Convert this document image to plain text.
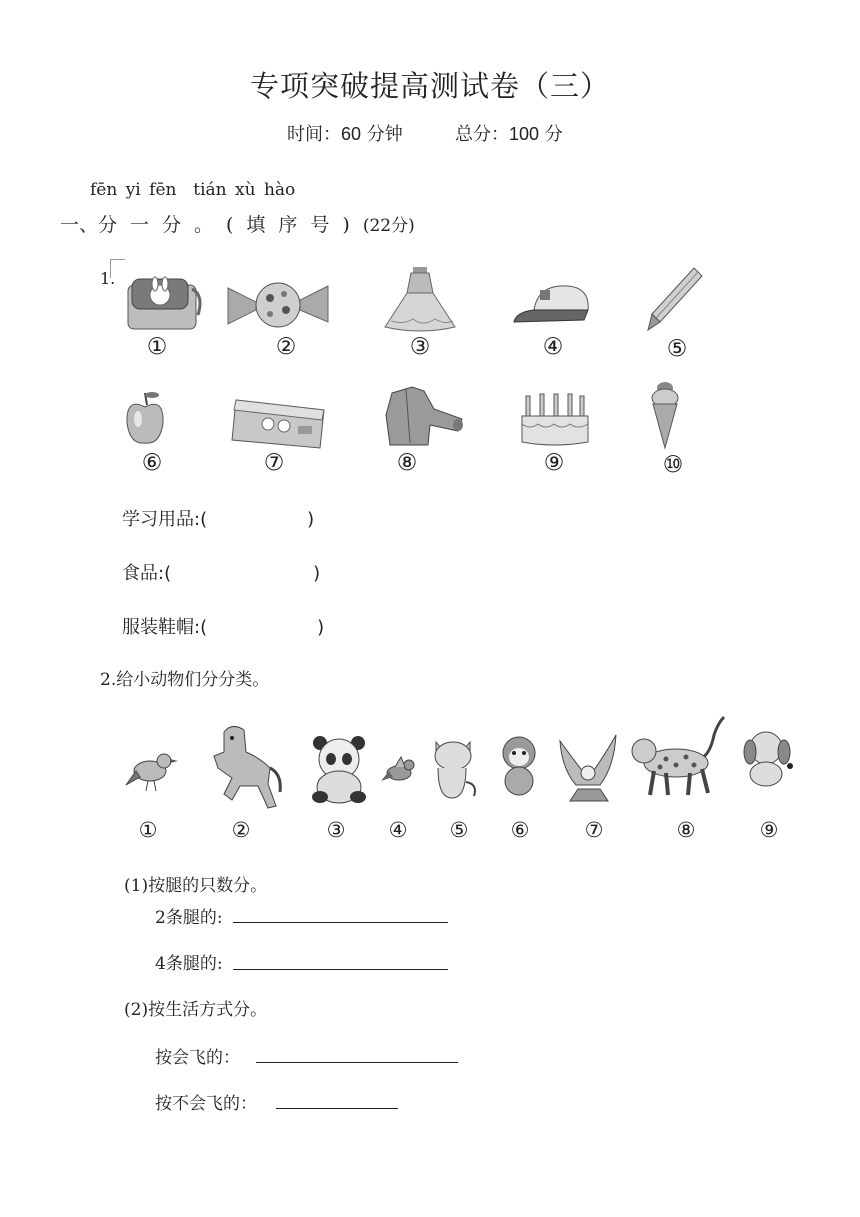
专项突破提高测试卷（三）
时间：60 分钟	总分：100 分
fēn yi fēn  tián xù hào
一、分一分。(填序号)(22分)
1.
①	②	③	④	⑤
⑥	⑦	⑧	⑨	⑩
学习用品:(	)
食品:(	)
服装鞋帽:(	)
2.给小动物们分分类。
①	②	③ ④ ⑤ ⑥	⑦	⑧	⑨
(1)按腿的只数分。
2条腿的:
4条腿的:
(2)按生活方式分。
按会飞的：
按不会飞的：
